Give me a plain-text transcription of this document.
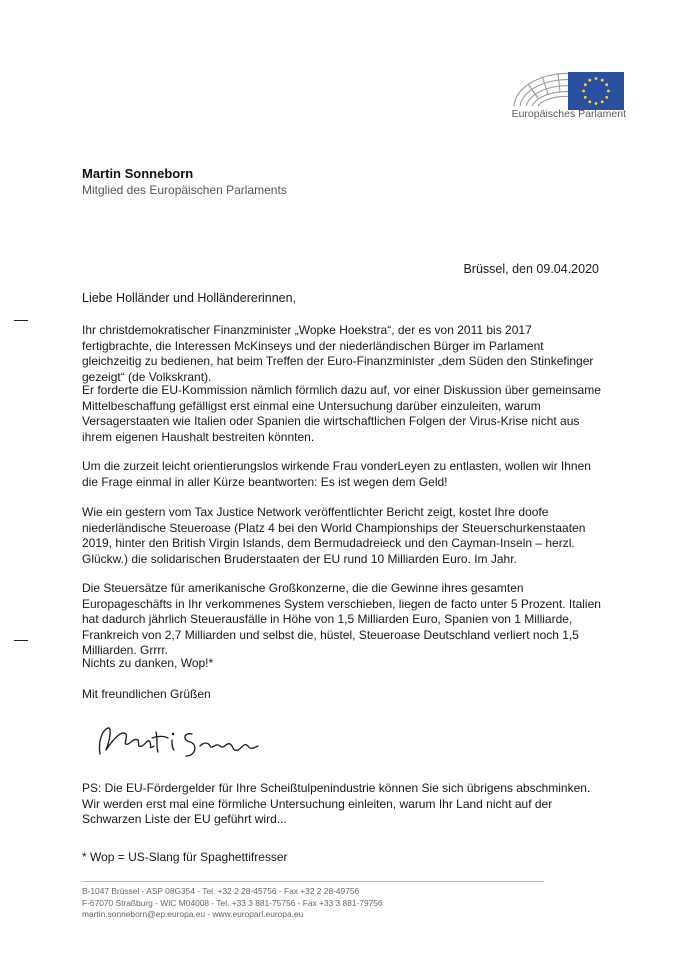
Europäisches Parlament
Martin Sonneborn
Mitglied des Europäischen Parlaments
Brüssel, den 09.04.2020
Liebe Holländer und Holländererinnen,
Ihr christdemokratischer Finanzminister „Wopke Hoekstra“, der es von 2011 bis 2017 fertigbrachte, die Interessen McKinseys und der niederländischen Bürger im Parlament gleichzeitig zu bedienen, hat beim Treffen der Euro-Finanzminister „dem Süden den Stinkefinger gezeigt“ (de Volkskrant).
Er forderte die EU-Kommission nämlich förmlich dazu auf, vor einer Diskussion über gemeinsame Mittelbeschaffung gefälligst erst einmal eine Untersuchung darüber einzuleiten, warum Versagerstaaten wie Italien oder Spanien die wirtschaftlichen Folgen der Virus-Krise nicht aus ihrem eigenen Haushalt bestreiten könnten.
Um die zurzeit leicht orientierungslos wirkende Frau vonderLeyen zu entlasten, wollen wir Ihnen die Frage einmal in aller Kürze beantworten: Es ist wegen dem Geld!
Wie ein gestern vom Tax Justice Network veröffentlichter Bericht zeigt, kostet Ihre doofe niederländische Steueroase (Platz 4 bei den World Championships der Steuerschurkenstaaten 2019, hinter den British Virgin Islands, dem Bermudadreieck und den Cayman-Inseln – herzl. Glückw.) die solidarischen Bruderstaaten der EU rund 10 Milliarden Euro. Im Jahr.
Die Steuersätze für amerikanische Großkonzerne, die die Gewinne ihres gesamten Europageschäfts in Ihr verkommenes System verschieben, liegen de facto unter 5 Prozent. Italien hat dadurch jährlich Steuerausfälle in Höhe von 1,5 Milliarden Euro, Spanien von 1 Milliarde, Frankreich von 2,7 Milliarden und selbst die, hüstel, Steueroase Deutschland verliert noch 1,5 Milliarden. Grrrr.
Nichts zu danken, Wop!*
Mit freundlichen Grüßen
PS: Die EU-Fördergelder für Ihre Scheißtulpenindustrie können Sie sich übrigens abschminken. Wir werden erst mal eine förmliche Untersuchung einleiten, warum Ihr Land nicht auf der Schwarzen Liste der EU geführt wird...
* Wop = US-Slang für Spaghettifresser
B-1047 Brüssel - ASP 08G354 - Tel. +32 2 28-45756 - Fax +32 2 28-49756
F-67070 Straßburg - WIC M04008 - Tel. +33 3 881-75756 - Fax +33 3 881-79756
martin.sonneborn@ep.europa.eu - www.europarl.europa.eu
